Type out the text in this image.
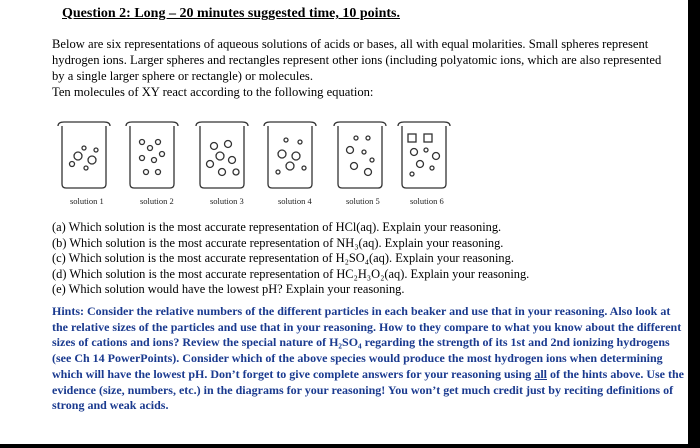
Question 2: Long – 20 minutes suggested time, 10 points.

Below are six representations of aqueous solutions of acids or bases, all with equal molarities. Small spheres represent hydrogen ions. Larger spheres and rectangles represent other ions (including polyatomic ions, which are also represented by a single larger sphere or rectangle) or molecules.

Ten molecules of XY react according to the following equation:

solution 1	solution 2	solution 3	solution 4	solution 5	solution 6
(a) Which solution is the most accurate representation of HCl(aq). Explain your reasoning.
(b) Which solution is the most accurate representation of NH₃(aq). Explain your reasoning.
(c) Which solution is the most accurate representation of H₂SO₄(aq). Explain your reasoning.
(d) Which solution is the most accurate representation of HC₂H₃O₂(aq). Explain your reasoning.
(e) Which solution would have the lowest pH? Explain your reasoning.
Hints: Consider the relative numbers of the different particles in each beaker and use that in your reasoning. Also look at the relative sizes of the particles and use that in your reasoning. How to they compare to what you know about the different sizes of cations and ions? Review the special nature of H₂SO₄ regarding the strength of its 1st and 2nd ionizing hydrogens (see Ch 14 PowerPoints). Consider which of the above species would produce the most hydrogen ions when determining which will have the lowest pH. Don’t forget to give complete answers for your reasoning using all of the hints above. Use the evidence (size, numbers, etc.) in the diagrams for your reasoning! You won’t get much credit just by reciting definitions of strong and weak acids.
